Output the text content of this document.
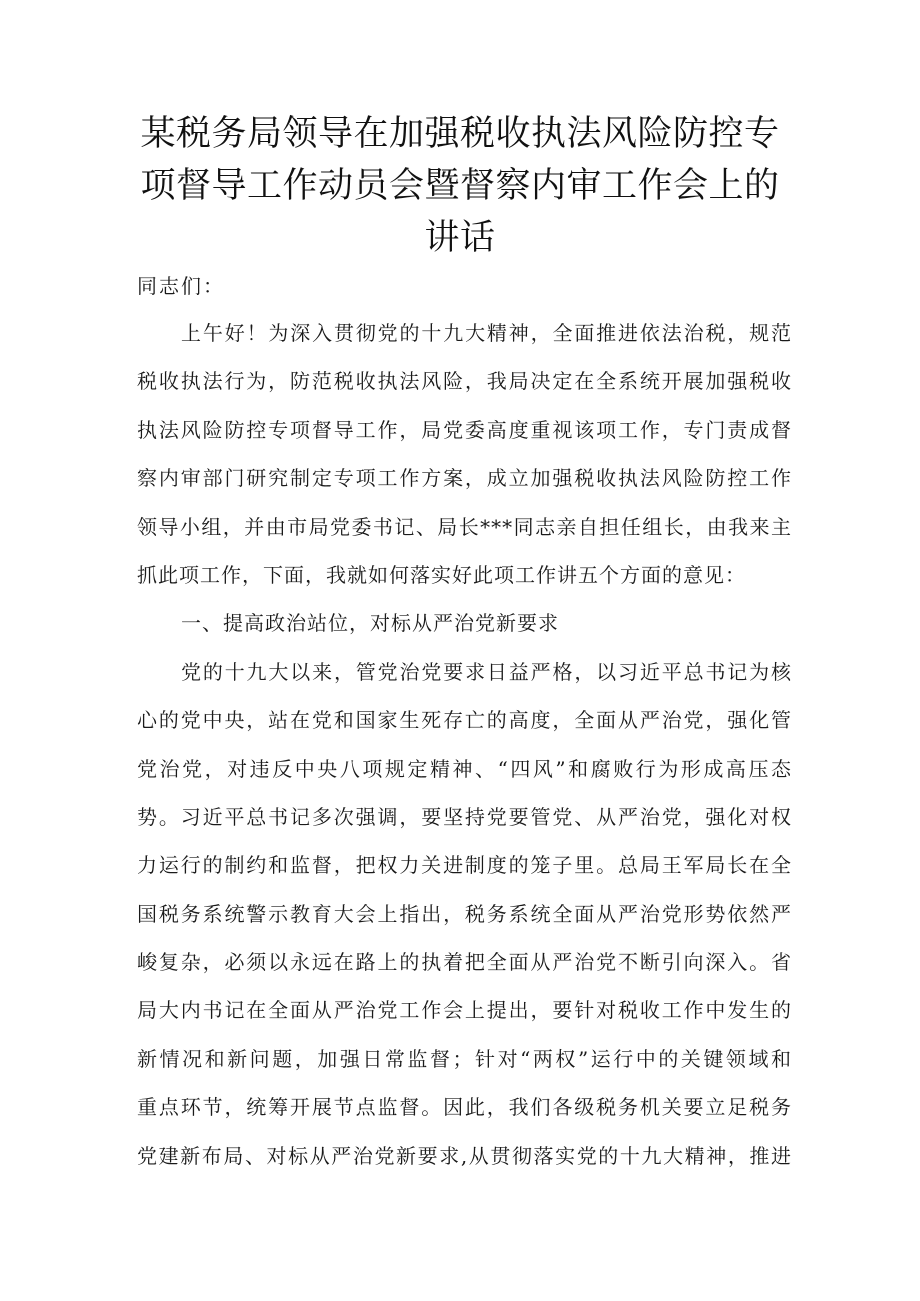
某税务局领导在加强税收执法风险防控专
项督导工作动员会暨督察内审工作会上的
讲话

同志们：

上午好！为深入贯彻党的十九大精神，全面推进依法治税，规范
税收执法行为，防范税收执法风险，我局决定在全系统开展加强税收
执法风险防控专项督导工作，局党委高度重视该项工作，专门责成督
察内审部门研究制定专项工作方案，成立加强税收执法风险防控工作
领导小组，并由市局党委书记、局长***同志亲自担任组长，由我来主
抓此项工作，下面，我就如何落实好此项工作讲五个方面的意见：
一、提高政治站位，对标从严治党新要求
党的十九大以来，管党治党要求日益严格，以习近平总书记为核
心的党中央，站在党和国家生死存亡的高度，全面从严治党，强化管
党治党，对违反中央八项规定精神、“四风”和腐败行为形成高压态
势。习近平总书记多次强调，要坚持党要管党、从严治党，强化对权
力运行的制约和监督，把权力关进制度的笼子里。总局王军局长在全
国税务系统警示教育大会上指出，税务系统全面从严治党形势依然严
峻复杂，必须以永远在路上的执着把全面从严治党不断引向深入。省
局大内书记在全面从严治党工作会上提出，要针对税收工作中发生的
新情况和新问题，加强日常监督；针对“两权”运行中的关键领域和
重点环节，统筹开展节点监督。因此，我们各级税务机关要立足税务
党建新布局、对标从严治党新要求,从贯彻落实党的十九大精神，推进
